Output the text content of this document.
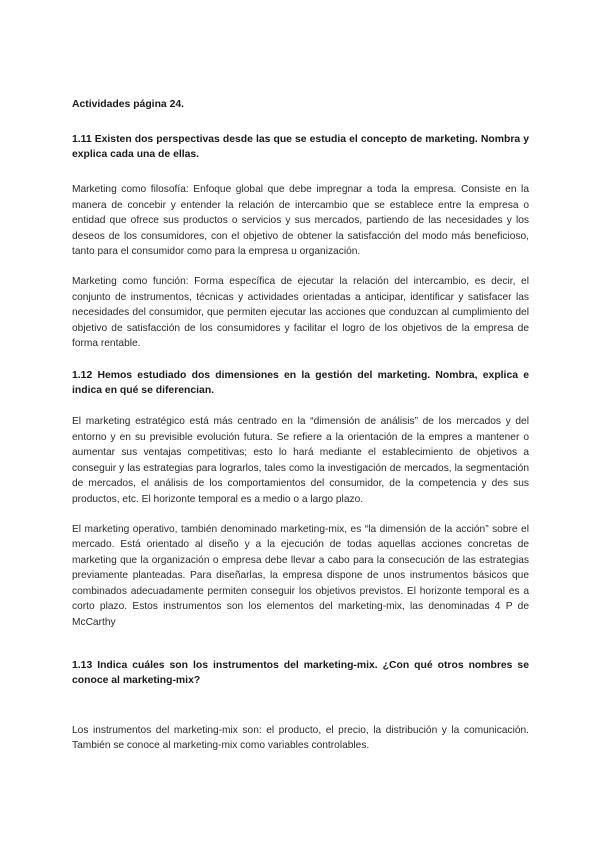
Actividades página 24.

1.11 Existen dos perspectivas desde las que se estudia el concepto de marketing. Nombra y explica cada una de ellas.

Marketing como filosofía: Enfoque global que debe impregnar a toda la empresa. Consiste en la manera de concebir y entender la relación de intercambio que se establece entre la empresa o entidad que ofrece sus productos o servicios y sus mercados, partiendo de las necesidades y los deseos de los consumidores, con el objetivo de obtener la satisfacción del modo más beneficioso, tanto para el consumidor como para la empresa u organización.

Marketing como función: Forma específica de ejecutar la relación del intercambio, es decir, el conjunto de instrumentos, técnicas y actividades orientadas a anticipar, identificar y satisfacer las necesidades del consumidor, que permiten ejecutar las acciones que conduzcan al cumplimiento del objetivo de satisfacción de los consumidores y facilitar el logro de los objetivos de la empresa de forma rentable.

1.12 Hemos estudiado dos dimensiones en la gestión del marketing. Nombra, explica e indica en qué se diferencian.

El marketing estratégico está más centrado en la “dimensión de análisis” de los mercados y del entorno y en su previsible evolución futura. Se refiere a la orientación de la empres a mantener o aumentar sus ventajas competitivas; esto lo hará mediante el establecimiento de objetivos a conseguir y las estrategias para lograrlos, tales como la investigación de mercados, la segmentación de mercados, el análisis de los comportamientos del consumidor, de la competencia y des sus productos, etc. El horizonte temporal es a medio o a largo plazo.

El marketing operativo, también denominado marketing-mix, es “la dimensión de la acción” sobre el mercado. Está orientado al diseño y a la ejecución de todas aquellas acciones concretas de marketing que la organización o empresa debe llevar a cabo para la consecución de las estrategias previamente planteadas. Para diseñarlas, la empresa dispone de unos instrumentos básicos que combinados adecuadamente permiten conseguir los objetivos previstos. El horizonte temporal es a corto plazo. Estos instrumentos son los elementos del marketing-mix, las denominadas 4 P de McCarthy

1.13 Indica cuáles son los instrumentos del marketing-mix. ¿Con qué otros nombres se conoce al marketing-mix?

Los instrumentos del marketing-mix son: el producto, el precio, la distribución y la comunicación. También se conoce al marketing-mix como variables controlables.
